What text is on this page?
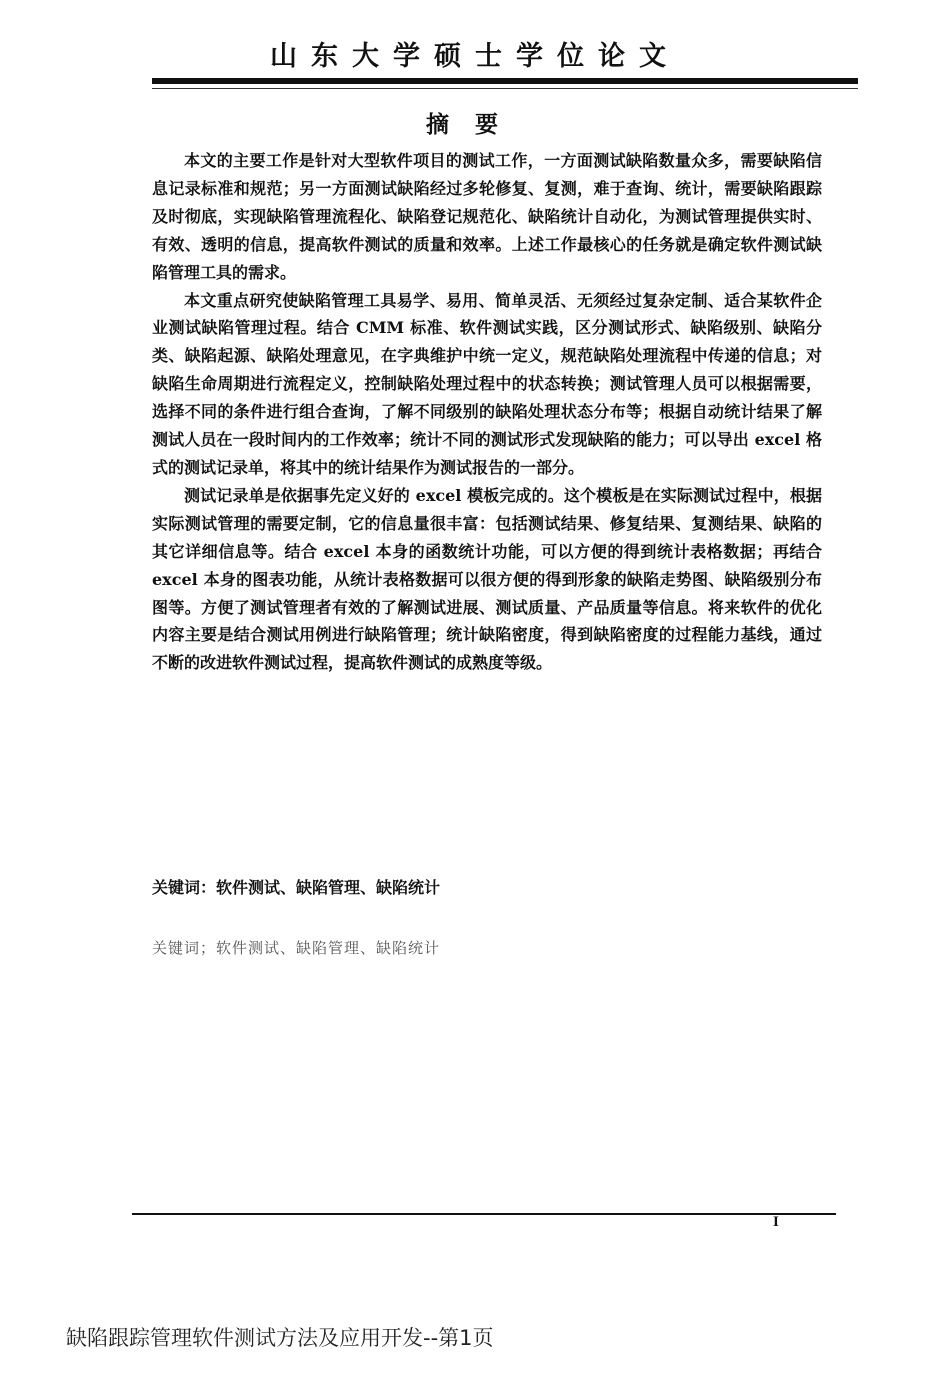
山东大学硕士学位论文
摘要

本文的主要工作是针对大型软件项目的测试工作，一方面测试缺陷数量众多，需要缺陷信息记录标准和规范；另一方面测试缺陷经过多轮修复、复测，难于查询、统计，需要缺陷跟踪及时彻底，实现缺陷管理流程化、缺陷登记规范化、缺陷统计自动化，为测试管理提供实时、有效、透明的信息，提高软件测试的质量和效率。上述工作最核心的任务就是确定软件测试缺陷管理工具的需求。

本文重点研究使缺陷管理工具易学、易用、简单灵活、无须经过复杂定制、适合某软件企业测试缺陷管理过程。结合 CMM 标准、软件测试实践，区分测试形式、缺陷级别、缺陷分类、缺陷起源、缺陷处理意见，在字典维护中统一定义，规范缺陷处理流程中传递的信息；对缺陷生命周期进行流程定义，控制缺陷处理过程中的状态转换；测试管理人员可以根据需要，选择不同的条件进行组合查询，了解不同级别的缺陷处理状态分布等；根据自动统计结果了解测试人员在一段时间内的工作效率；统计不同的测试形式发现缺陷的能力；可以导出 excel 格式的测试记录单，将其中的统计结果作为测试报告的一部分。

测试记录单是依据事先定义好的 excel 模板完成的。这个模板是在实际测试过程中，根据实际测试管理的需要定制，它的信息量很丰富：包括测试结果、修复结果、复测结果、缺陷的其它详细信息等。结合 excel 本身的函数统计功能，可以方便的得到统计表格数据；再结合 excel 本身的图表功能，从统计表格数据可以很方便的得到形象的缺陷走势图、缺陷级别分布图等。方便了测试管理者有效的了解测试进展、测试质量、产品质量等信息。将来软件的优化内容主要是结合测试用例进行缺陷管理；统计缺陷密度，得到缺陷密度的过程能力基线，通过不断的改进软件测试过程，提高软件测试的成熟度等级。

关键词：软件测试、缺陷管理、缺陷统计
关键词；软件测试、缺陷管理、缺陷统计
I
缺陷跟踪管理软件测试方法及应用开发--第1页
